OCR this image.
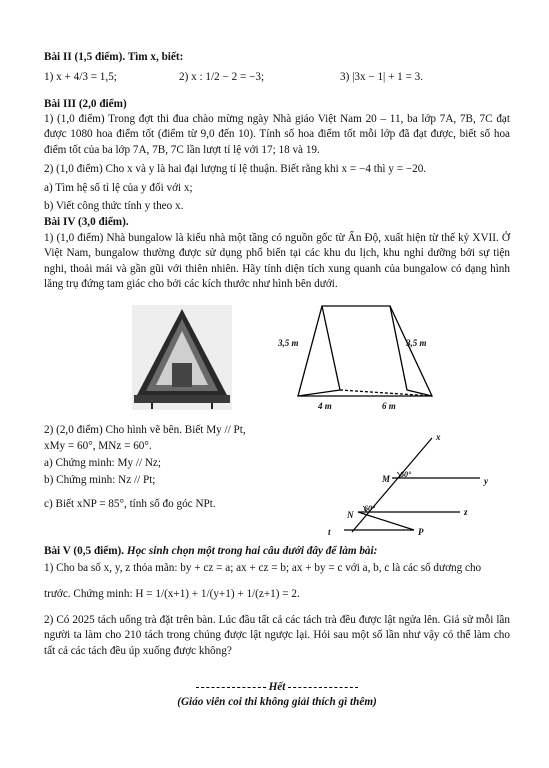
Bài II (1,5 điểm). Tìm x, biết:
1) x + 4/3 = 1,5;	2) x : 1/2 − 2 = −3;	3) |3x − 1| + 1 = 3.
Bài III (2,0 điểm)
1) (1,0 điểm) Trong đợt thi đua chào mừng ngày Nhà giáo Việt Nam 20 – 11, ba lớp 7A, 7B, 7C đạt được 1080 hoa điểm tốt (điểm từ 9,0 đến 10). Tính số hoa điểm tốt mỗi lớp đã đạt được, biết số hoa điểm tốt của ba lớp 7A, 7B, 7C lần lượt tỉ lệ với 17; 18 và 19.
2) (1,0 điểm) Cho x và y là hai đại lượng tỉ lệ thuận. Biết rằng khi x = −4 thì y = −20.
a) Tìm hệ số tỉ lệ của y đối với x;
b) Viết công thức tính y theo x.
Bài IV (3,0 điểm).
1) (1,0 điểm) Nhà bungalow là kiểu nhà một tầng có nguồn gốc từ Ấn Độ, xuất hiện từ thế kỷ XVII. Ở Việt Nam, bungalow thường được sử dụng phổ biến tại các khu du lịch, khu nghỉ dưỡng bởi sự tiện nghi, thoải mái và gần gũi với thiên nhiên. Hãy tính diện tích xung quanh của bungalow có dạng hình lăng trụ đứng tam giác cho bởi các kích thước như hình bên dưới.
3,5 m	3,5 m
4 m	6 m
2) (2,0 điểm) Cho hình vẽ bên. Biết My // Pt,
xMy = 60°, MNz = 60°.
a) Chứng minh: My // Nz;
b) Chứng minh: Nz // Pt;
c) Biết xNP = 85°, tính số đo góc NPt.
x
M 60°
y
N
60°	z
t	P
Bài V (0,5 điểm). Học sinh chọn một trong hai câu dưới đây để làm bài:
1) Cho ba số x, y, z thỏa mãn: by + cz = a; ax + cz = b; ax + by = c với a, b, c là các số dương cho
trước. Chứng minh: H = 1/(x+1) + 1/(y+1) + 1/(z+1) = 2.
2) Có 2025 tách uống trà đặt trên bàn. Lúc đầu tất cả các tách trà đều được lật ngửa lên. Giả sử mỗi lần người ta làm cho 210 tách trong chúng được lật ngược lại. Hỏi sau một số lần như vậy có thể làm cho tất cả các tách đều úp xuống được không?
Hết
(Giáo viên coi thi không giải thích gì thêm)
